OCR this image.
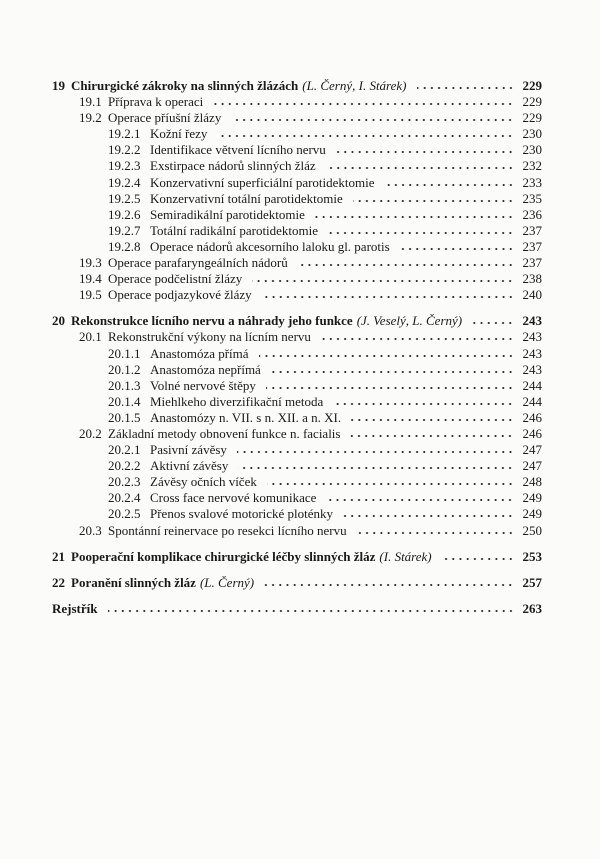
19 Chirurgické zákroky na slinných žlázách (L. Černý, I. Stárek)	229
19.1 Příprava k operaci	229
19.2 Operace příušní žlázy	229
19.2.1 Kožní řezy	230
19.2.2 Identifikace větvení lícního nervu	230
19.2.3 Exstirpace nádorů slinných žláz	232
19.2.4 Konzervativní superficiální parotidektomie	233
19.2.5 Konzervativní totální parotidektomie	235
19.2.6 Semiradikální parotidektomie	236
19.2.7 Totální radikální parotidektomie	237
19.2.8 Operace nádorů akcesorního laloku gl. parotis	237
19.3 Operace parafaryngeálních nádorů	237
19.4 Operace podčelistní žlázy	238
19.5 Operace podjazykové žlázy	240
20 Rekonstrukce lícního nervu a náhrady jeho funkce (J. Veselý, L. Černý)	243
20.1 Rekonstrukční výkony na lícním nervu	243
20.1.1 Anastomóza přímá	243
20.1.2 Anastomóza nepřímá	243
20.1.3 Volné nervové štěpy	244
20.1.4 Miehlkeho diverzifikační metoda	244
20.1.5 Anastomózy n. VII. s n. XII. a n. XI.	246
20.2 Základní metody obnovení funkce n. facialis	246
20.2.1 Pasivní závěsy	247
20.2.2 Aktivní závěsy	247
20.2.3 Závěsy očních víček	248
20.2.4 Cross face nervové komunikace	249
20.2.5 Přenos svalové motorické ploténky	249
20.3 Spontánní reinervace po resekci lícního nervu	250
21 Pooperační komplikace chirurgické léčby slinných žláz (I. Stárek)	253
22 Poranění slinných žláz (L. Černý)	257
Rejstřík	263
